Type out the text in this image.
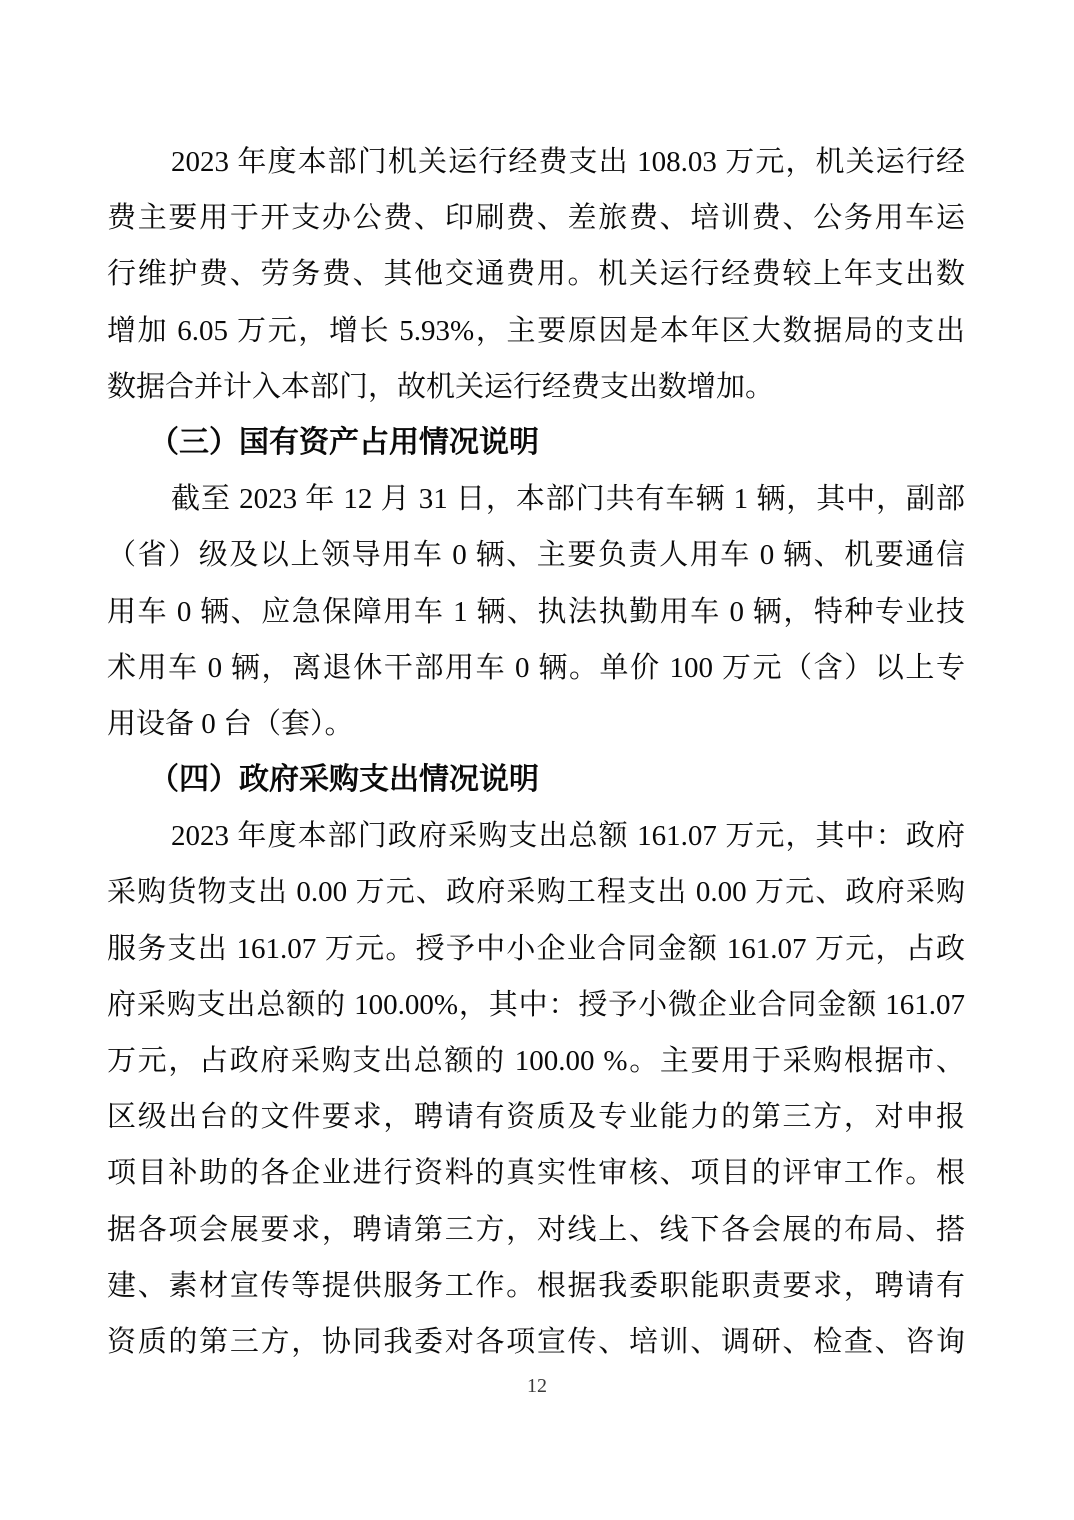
2023 年度本部门机关运行经费支出 108.03 万元，机关运行经
费主要用于开支办公费、印刷费、差旅费、培训费、公务用车运
行维护费、劳务费、其他交通费用。机关运行经费较上年支出数
增加 6.05 万元，增长 5.93%，主要原因是本年区大数据局的支出
数据合并计入本部门，故机关运行经费支出数增加。
（三）国有资产占用情况说明
截至 2023 年 12 月 31 日，本部门共有车辆 1 辆，其中，副部
（省）级及以上领导用车 0 辆、主要负责人用车 0 辆、机要通信
用车 0 辆、应急保障用车 1 辆、执法执勤用车 0 辆，特种专业技
术用车 0 辆，离退休干部用车 0 辆。单价 100 万元（含）以上专
用设备 0 台（套）。
（四）政府采购支出情况说明
2023 年度本部门政府采购支出总额 161.07 万元，其中：政府
采购货物支出 0.00 万元、政府采购工程支出 0.00 万元、政府采购
服务支出 161.07 万元。授予中小企业合同金额 161.07 万元，占政
府采购支出总额的 100.00%，其中：授予小微企业合同金额 161.07
万元，占政府采购支出总额的 100.00 %。主要用于采购根据市、
区级出台的文件要求，聘请有资质及专业能力的第三方，对申报
项目补助的各企业进行资料的真实性审核、项目的评审工作。根
据各项会展要求，聘请第三方，对线上、线下各会展的布局、搭
建、素材宣传等提供服务工作。根据我委职能职责要求，聘请有
资质的第三方，协同我委对各项宣传、培训、调研、检查、咨询
12
